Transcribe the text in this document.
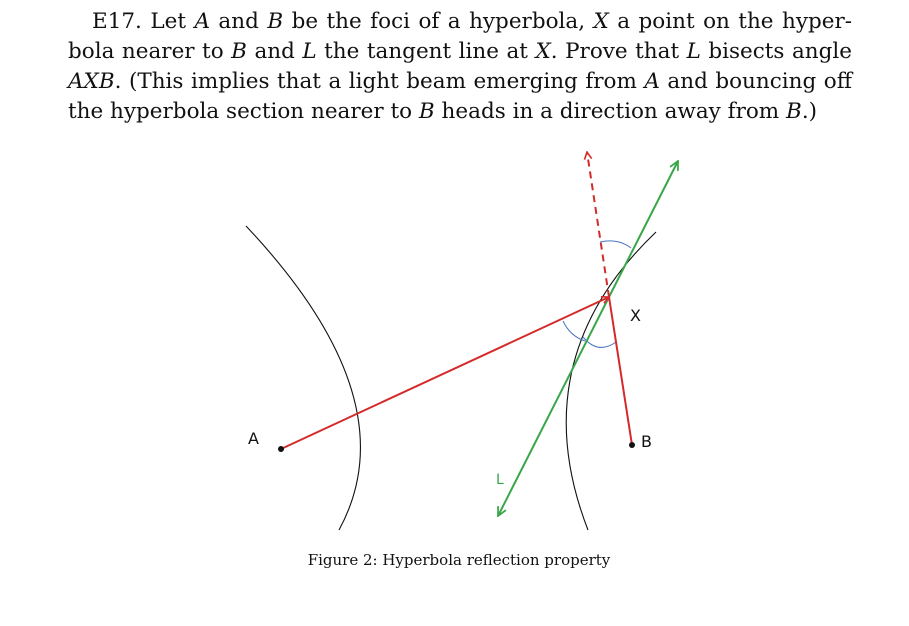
E17. Let A and B be the foci of a hyperbola, X a point on the hyper-bola nearer to B and L the tangent line at X. Prove that L bisects angle AXB. (This implies that a light beam emerging from A and bouncing off the hyperbola section nearer to B heads in a direction away from B.)
A	B
X
L
Figure 2: Hyperbola reflection property
